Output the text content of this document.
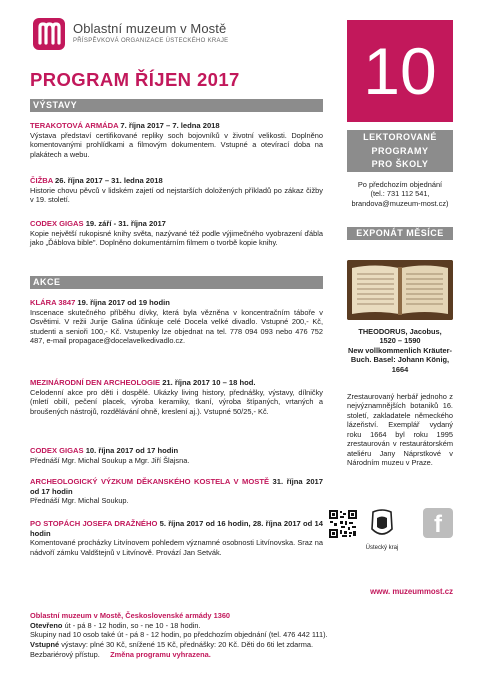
Oblastní muzeum v Mostě
PŘÍSPĚVKOVÁ ORGANIZACE ÚSTECKÉHO KRAJE
PROGRAM ŘÍJEN 2017 10
VÝSTAVY
TERAKOTOVÁ ARMÁDA 7. října 2017 – 7. ledna 2018
Výstava představí certifikované repliky soch bojovníků v životní velikosti. Doplněno komentovanými prohlídkami a filmovým dokumentem. Vstupné a otevírací doba na plakátech a webu.
ČIŽBA 26. října 2017 – 31. ledna 2018
Historie chovu pěvců v lidském zajetí od nejstarších doložených příkladů po zákaz čižby v 19. století.
CODEX GIGAS 19. září - 31. října 2017
Kopie největší rukopisné knihy světa, nazývané též podle výjimečného vyobrazení ďábla jako „Ďáblova bible". Doplněno dokumentárním filmem o tvorbě kopie knihy.
AKCE
KLÁRA 3847 19. října 2017 od 19 hodin
Inscenace skutečného příběhu dívky, která byla vězněna v koncentračním táboře v Osvětimi. V režii Jurije Galina účinkuje celé Docela velké divadlo. Vstupné 200,- Kč, studenti a senioři 100,- Kč. Vstupenky lze objednat na tel. 778 094 093 nebo 476 752 487, e-mail propagace@docelavelkedivadlo.cz.
MEZINÁRODNÍ DEN ARCHEOLOGIE 21. října 2017 10 – 18 hod.
Celodenní akce pro děti i dospělé. Ukázky living history, přednášky, výstavy, dílničky (mletí obilí, pečení placek, výroba keramiky, tkaní, výroba štípaných, vrtaných a broušených nástrojů, rozdělávání ohně, kreslení aj.). Vstupné 50/25,- Kč.
CODEX GIGAS 10. října 2017 od 17 hodin
Přednáší Mgr. Michal Soukup a Mgr. Jiří Šlajsna.
ARCHEOLOGICKÝ VÝZKUM DĚKANSKÉHO KOSTELA V MOSTĚ 31. října 2017 od 17 hodin
Přednáší Mgr. Michal Soukup.
PO STOPÁCH JOSEFA DRAŽNÉHO 5. října 2017 od 16 hodin, 28. října 2017 od 14 hodin
Komentované procházky Litvínovem pohledem významné osobnosti Litvínovska. Sraz na nádvoří zámku Valdštejnů v Litvínově. Provází Jan Setvák.
LEKTOROVANÉ
PROGRAMY
PRO ŠKOLY
Po předchozím objednání
(tel.: 731 112 541,
brandova@muzeum-most.cz)
EXPONÁT MĚSÍCE
THEODORUS, Jacobus,
1520 – 1590
New vollkommenlich Kräuter-Buch. Basel: Johann König, 1664
Zrestaurovaný herbář jednoho z nejvýznamnějších botaniků 16. století, zakladatele německého lázeňství. Exemplář vydaný roku 1664 byl roku 1995 zrestaurován v restaurátorském ateliéru Jany Náprstkové v Národním muzeu v Praze.
Ústecký kraj
f
www. muzeummost.cz
Oblastní muzeum v Mostě, Československé armády 1360
Otevřeno út - pá 8 - 12 hodin, so - ne 10 - 18 hodin.
Skupiny nad 10 osob také út - pá 8 - 12 hodin, po předchozím objednání (tel. 476 442 111).
Vstupné výstavy: plné 30 Kč, snížené 15 Kč, přednášky: 20 Kč. Děti do 6ti let zdarma.
Bezbariérový přístup. Změna programu vyhrazena.
